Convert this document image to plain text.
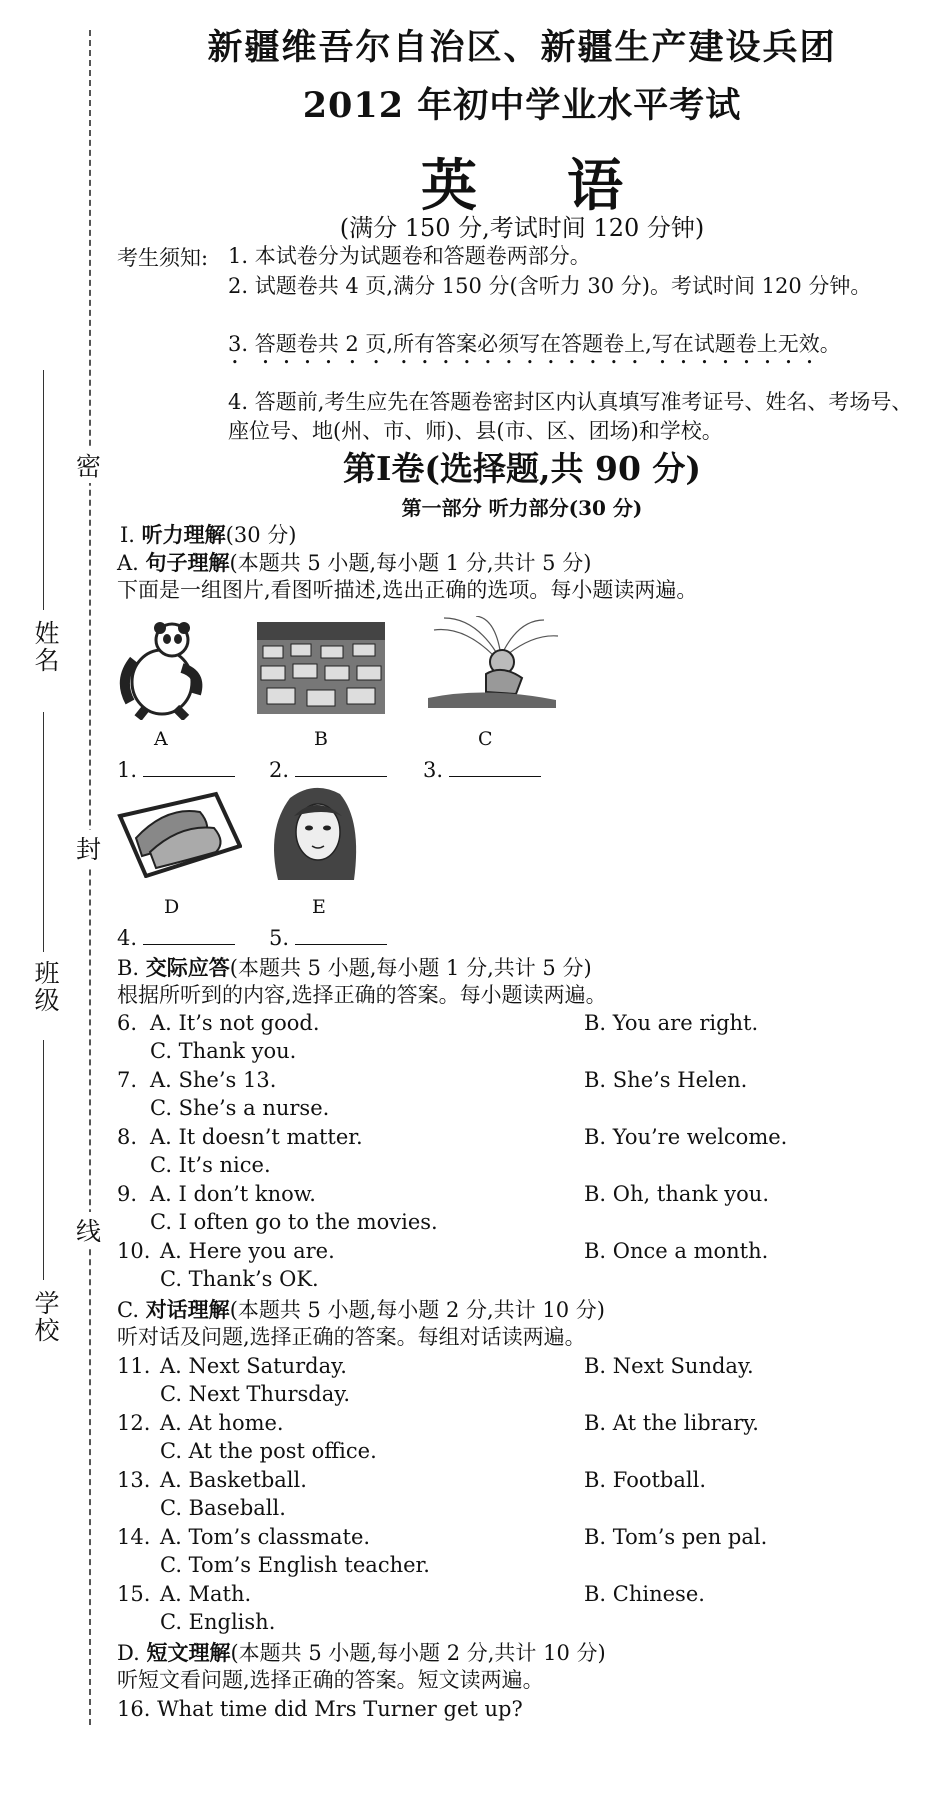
姓名
班级
学校
密
封
线
新疆维吾尔自治区、新疆生产建设兵团
2012 年初中学业水平考试
英语
(满分 150 分,考试时间 120 分钟)
考生须知: 1. 本试卷分为试题卷和答题卷两部分。
2. 试题卷共 4 页,满分 150 分(含听力 30 分)。考试时间 120 分钟。
3. 答题卷共 2 页,所有答案必须写在答题卷上,写在试题卷上无效。
4. 答题前,考生应先在答题卷密封区内认真填写准考证号、姓名、考场号、座位号、地(州、市、师)、县(市、区、团场)和学校。
第Ⅰ卷(选择题,共 90 分)
第一部分 听力部分(30 分)
Ⅰ. 听力理解(30 分)
A. 句子理解(本题共 5 小题,每小题 1 分,共计 5 分)
下面是一组图片,看图听描述,选出正确的选项。每小题读两遍。
A	B	C
1.	2.	3.
D	E
4.	5.
B. 交际应答(本题共 5 小题,每小题 1 分,共计 5 分)
根据所听到的内容,选择正确的答案。每小题读两遍。
6. A. It’s not good.	B. You are right.
C. Thank you.
7. A. She’s 13.	B. She’s Helen.
C. She’s a nurse.
8. A. It doesn’t matter.	B. You’re welcome.
C. It’s nice.
9. A. I don’t know.	B. Oh, thank you.
C. I often go to the movies.
10. A. Here you are.	B. Once a month.
C. Thank’s OK.
C. 对话理解(本题共 5 小题,每小题 2 分,共计 10 分)
听对话及问题,选择正确的答案。每组对话读两遍。
11. A. Next Saturday.	B. Next Sunday.
C. Next Thursday.
12. A. At home.	B. At the library.
C. At the post office.
13. A. Basketball.	B. Football.
C. Baseball.
14. A. Tom’s classmate.	B. Tom’s pen pal.
C. Tom’s English teacher.
15. A. Math.	B. Chinese.
C. English.
D. 短文理解(本题共 5 小题,每小题 2 分,共计 10 分)
听短文看问题,选择正确的答案。短文读两遍。
16. What time did Mrs Turner get up?
